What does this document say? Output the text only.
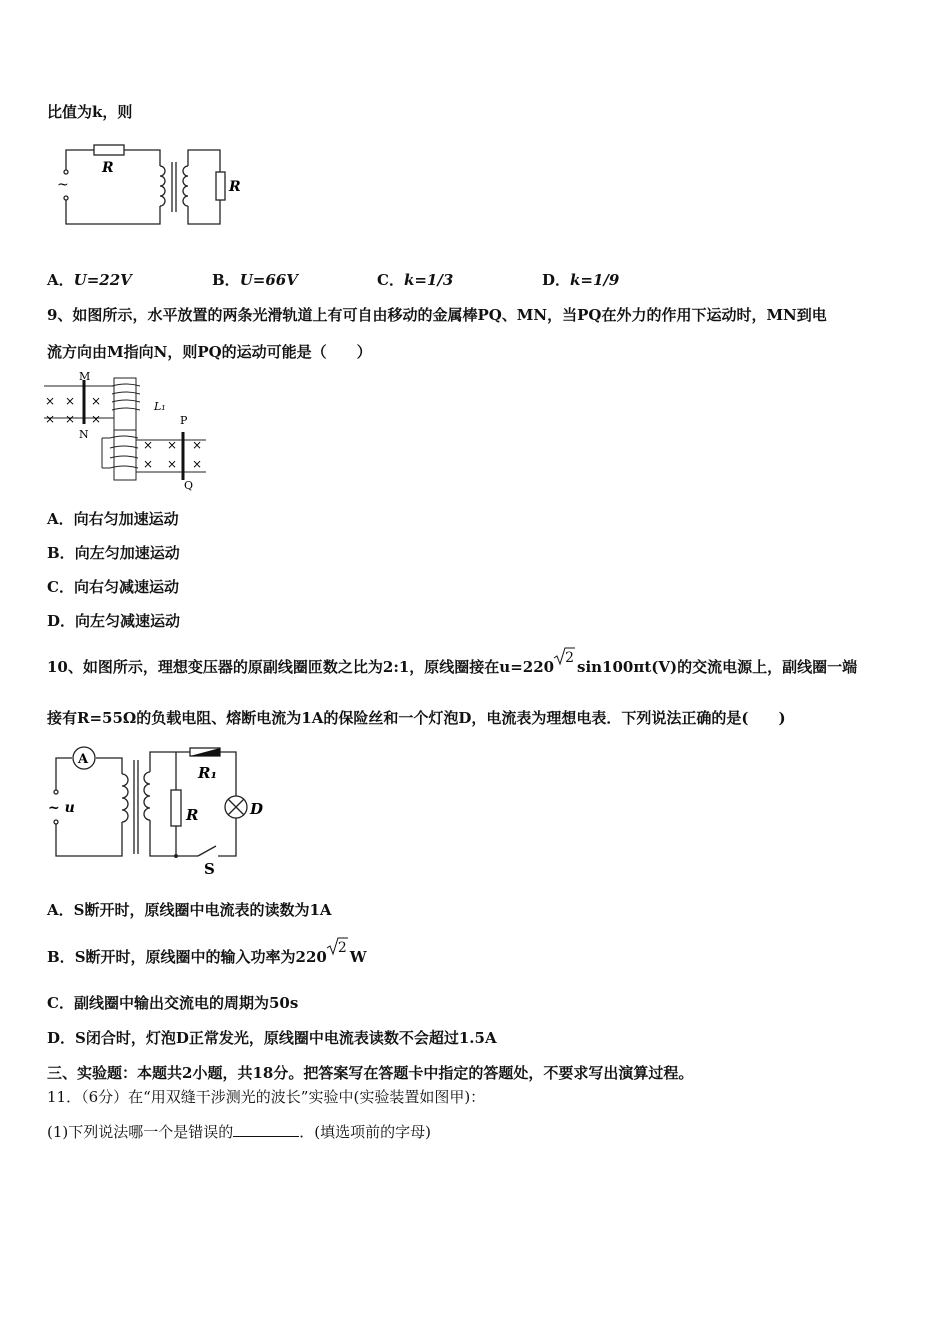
比值为k，则
~
R
R
A．U=22V	B．U=66V	C．k=1/3	D．k=1/9
9、如图所示，水平放置的两条光滑轨道上有可自由移动的金属棒PQ、MN，当PQ在外力的作用下运动时，MN到电
流方向由M指向N，则PQ的运动可能是（　　）
M
N
P
Q
L₁
× × ×
× × ×
× × ×
× × ×
A．向右匀加速运动
B．向左匀加速运动
C．向右匀减速运动
D．向左匀减速运动
10、如图所示，理想变压器的原副线圈匝数之比为2:1，原线圈接在u=220 2 sin100πt(V)的交流电源上，副线圈一端
接有R=55Ω的负载电阻、熔断电流为1A的保险丝和一个灯泡D，电流表为理想电表．下列说法正确的是(　　)
A
~ u
R₁
R	D
S
A．S断开时，原线圈中电流表的读数为1A
B．S断开时，原线圈中的输入功率为220 2 W
C．副线圈中输出交流电的周期为50s
D．S闭合时，灯泡D正常发光，原线圈中电流表读数不会超过1.5A
三、实验题：本题共2小题，共18分。把答案写在答题卡中指定的答题处，不要求写出演算过程。
11．（6分）在“用双缝干涉测光的波长”实验中(实验装置如图甲)：
(1)下列说法哪一个是错误的	．(填选项前的字母)
